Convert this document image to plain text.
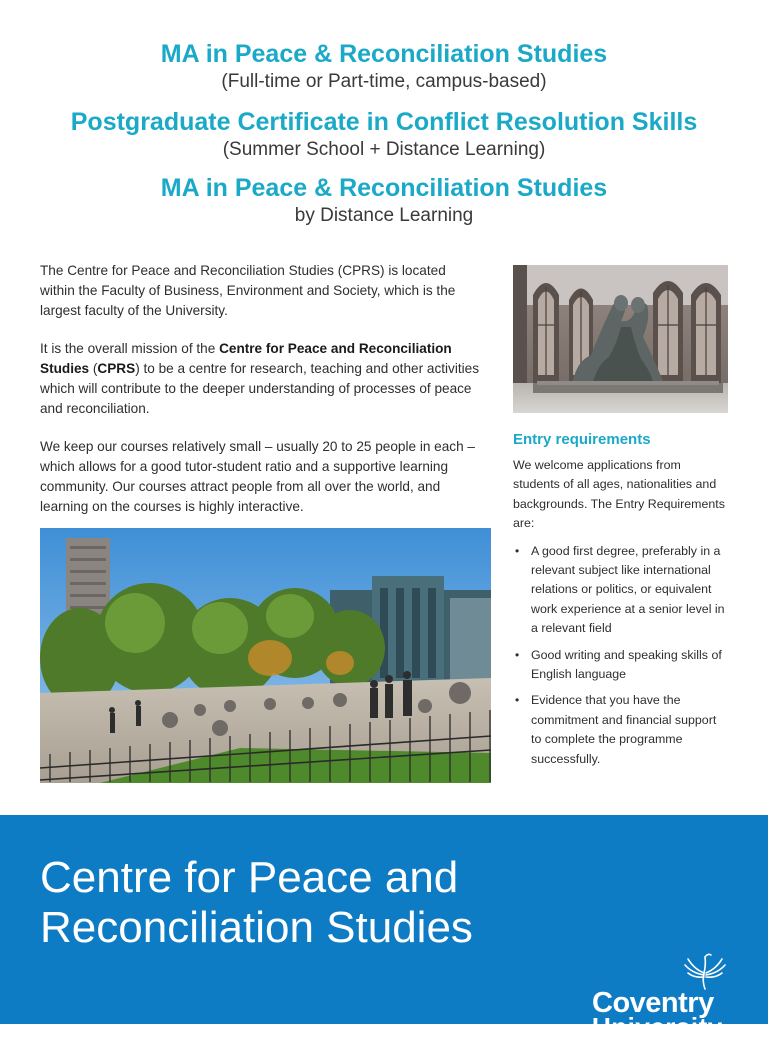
MA in Peace & Reconciliation Studies
(Full-time or Part-time, campus-based)
Postgraduate Certificate in Conflict Resolution Skills
(Summer School + Distance Learning)
MA in Peace & Reconciliation Studies
by Distance Learning

The Centre for Peace and Reconciliation Studies (CPRS) is located within the Faculty of Business, Environment and Society, which is the largest faculty of the University.

It is the overall mission of the Centre for Peace and Reconciliation Studies (CPRS) to be a centre for research, teaching and other activities which will contribute to the deeper understanding of processes of peace and reconciliation.

We keep our courses relatively small – usually 20 to 25 people in each – which allows for a good tutor-student ratio and a supportive learning community. Our courses attract people from all over the world, and learning on the courses is highly interactive.

Entry requirements
We welcome applications from students of all ages, nationalities and backgrounds. The Entry Requirements are:
• A good first degree, preferably in a relevant subject like international relations or politics, or equivalent work experience at a senior level in a relevant field
• Good writing and speaking skills of English language
• Evidence that you have the commitment and financial support to complete the programme successfully.
Centre for Peace and Reconciliation Studies
Coventry
University
